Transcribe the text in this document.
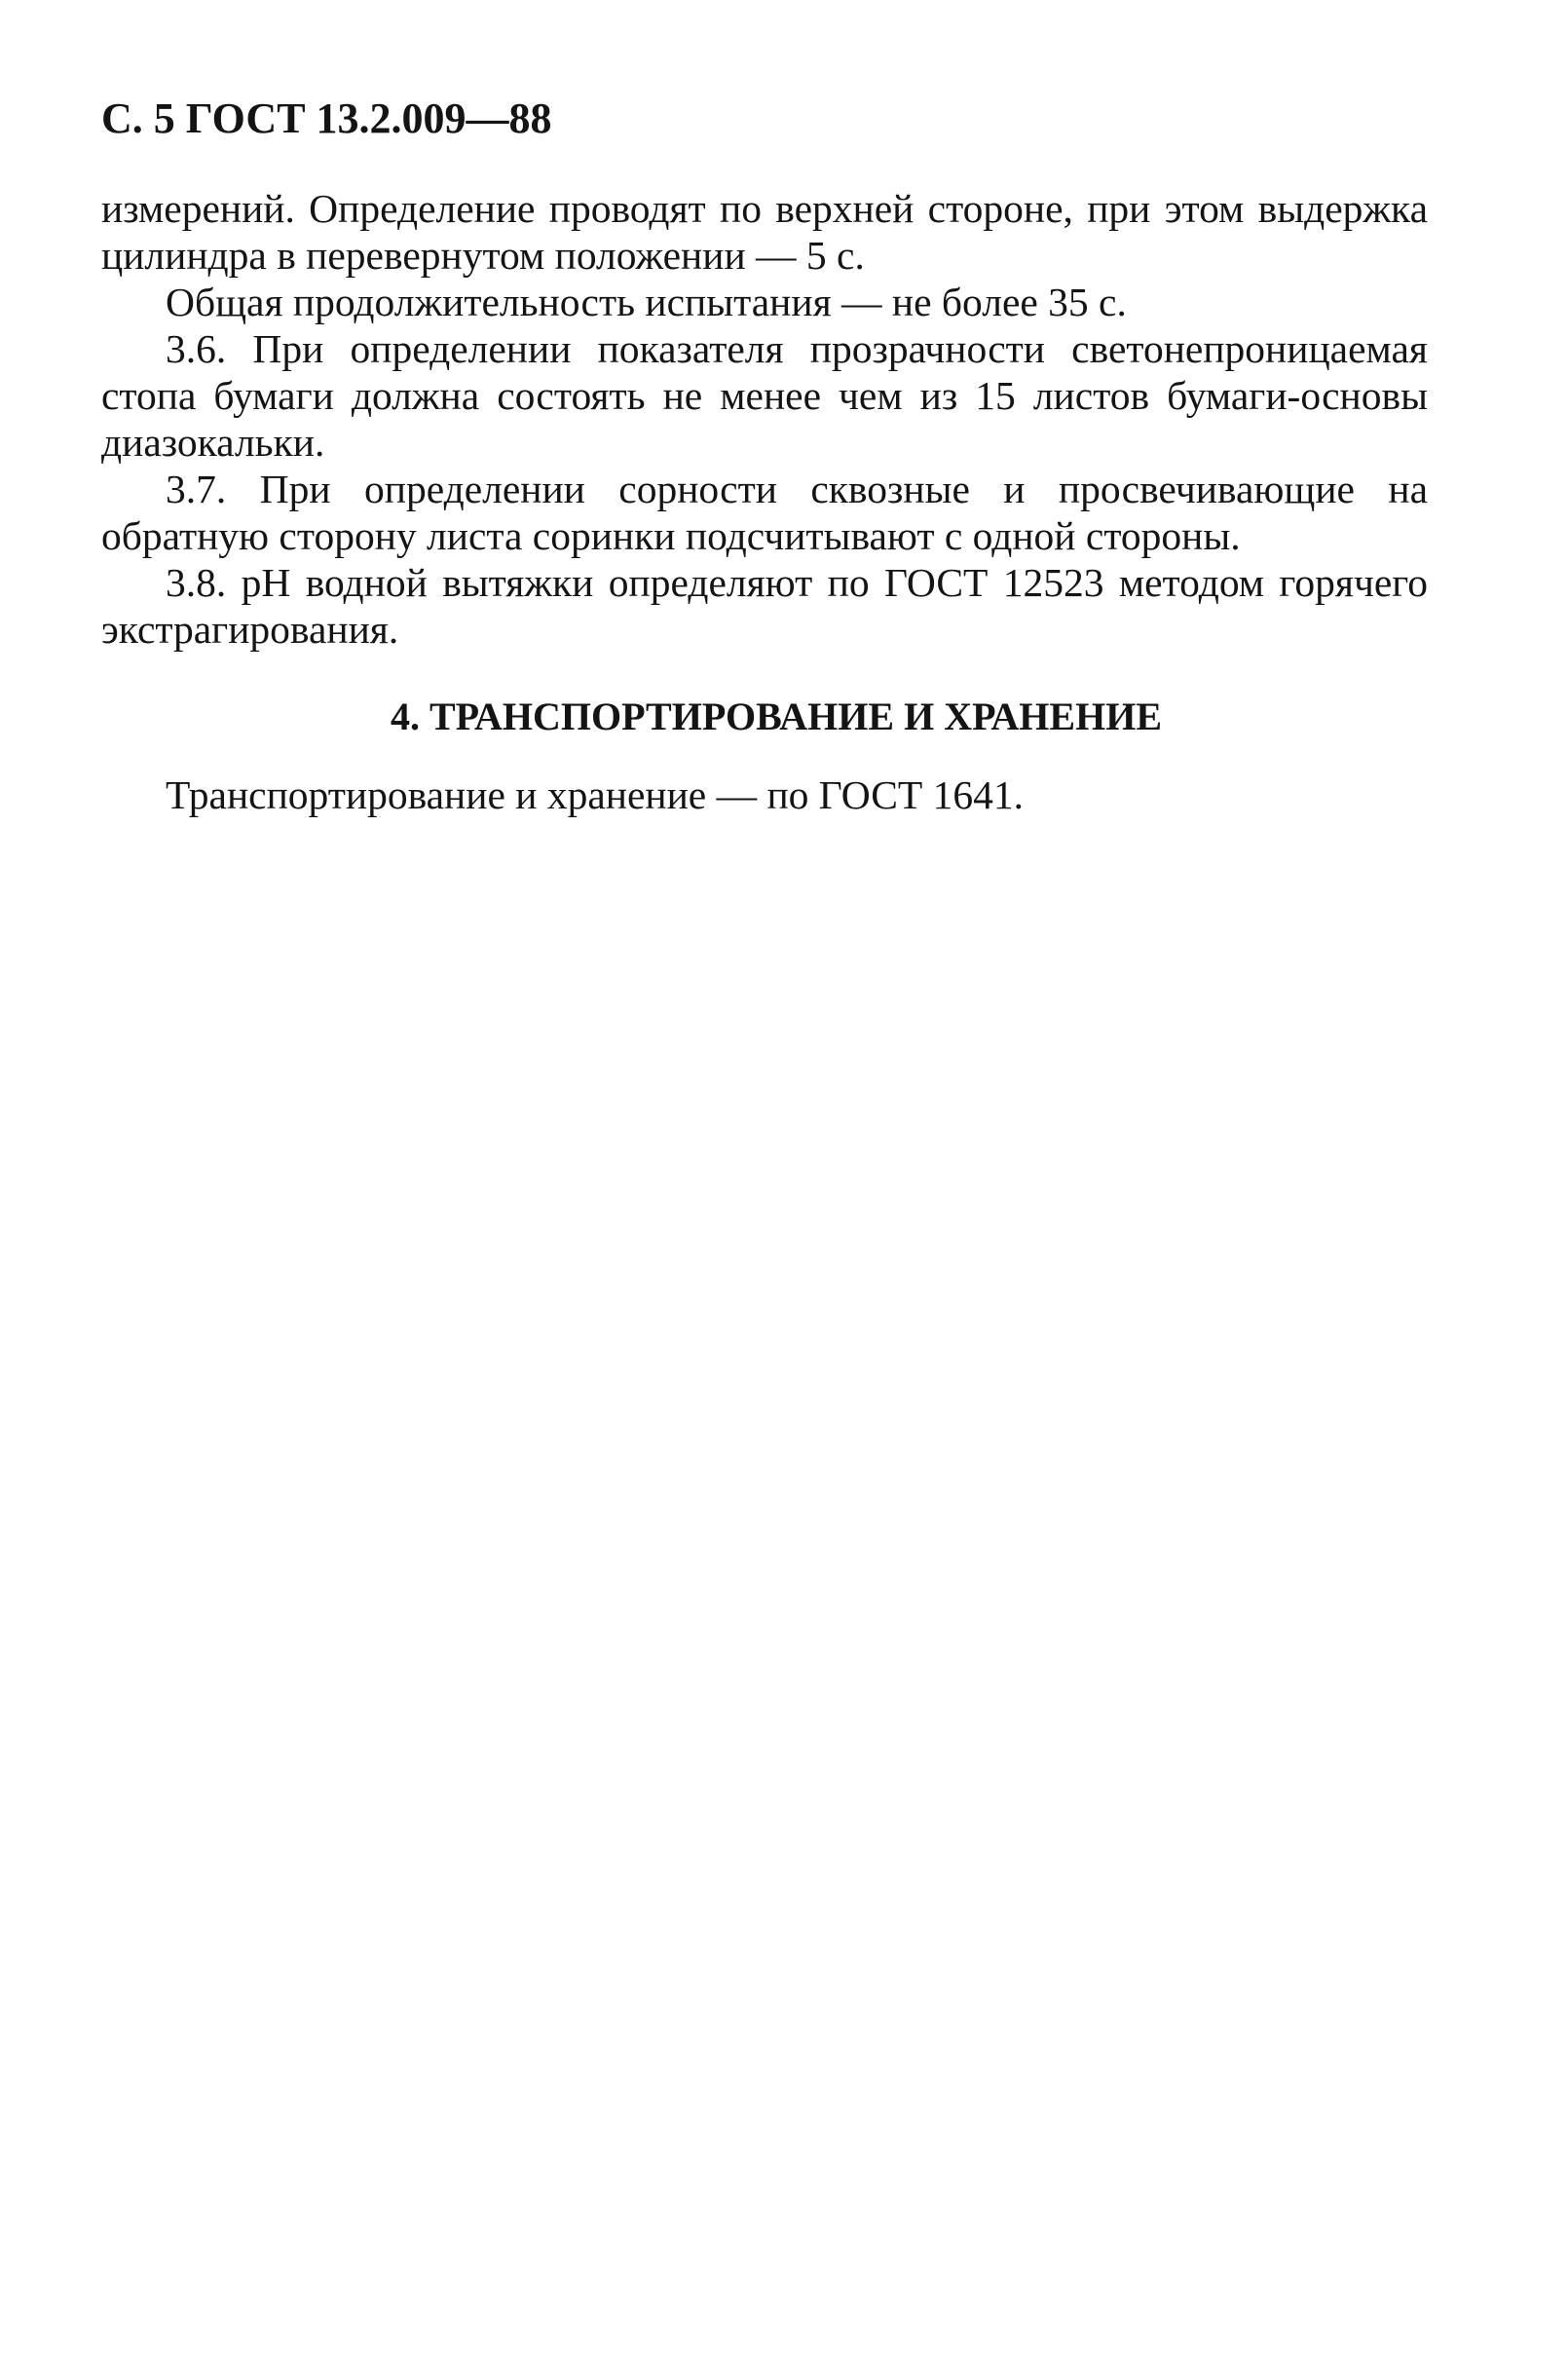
С. 5 ГОСТ 13.2.009—88

измерений. Определение проводят по верхней стороне, при этом выдержка цилиндра в перевернутом положении — 5 с.

Общая продолжительность испытания — не более 35 с.

3.6. При определении показателя прозрачности светонепроницаемая стопа бумаги должна состоять не менее чем из 15 листов бумаги-основы диазокальки.

3.7. При определении сорности сквозные и просвечивающие на обратную сторону листа соринки подсчитывают с одной стороны.

3.8. рН водной вытяжки определяют по ГОСТ 12523 методом горячего экстрагирования.

4. ТРАНСПОРТИРОВАНИЕ И ХРАНЕНИЕ

Транспортирование и хранение — по ГОСТ 1641.
